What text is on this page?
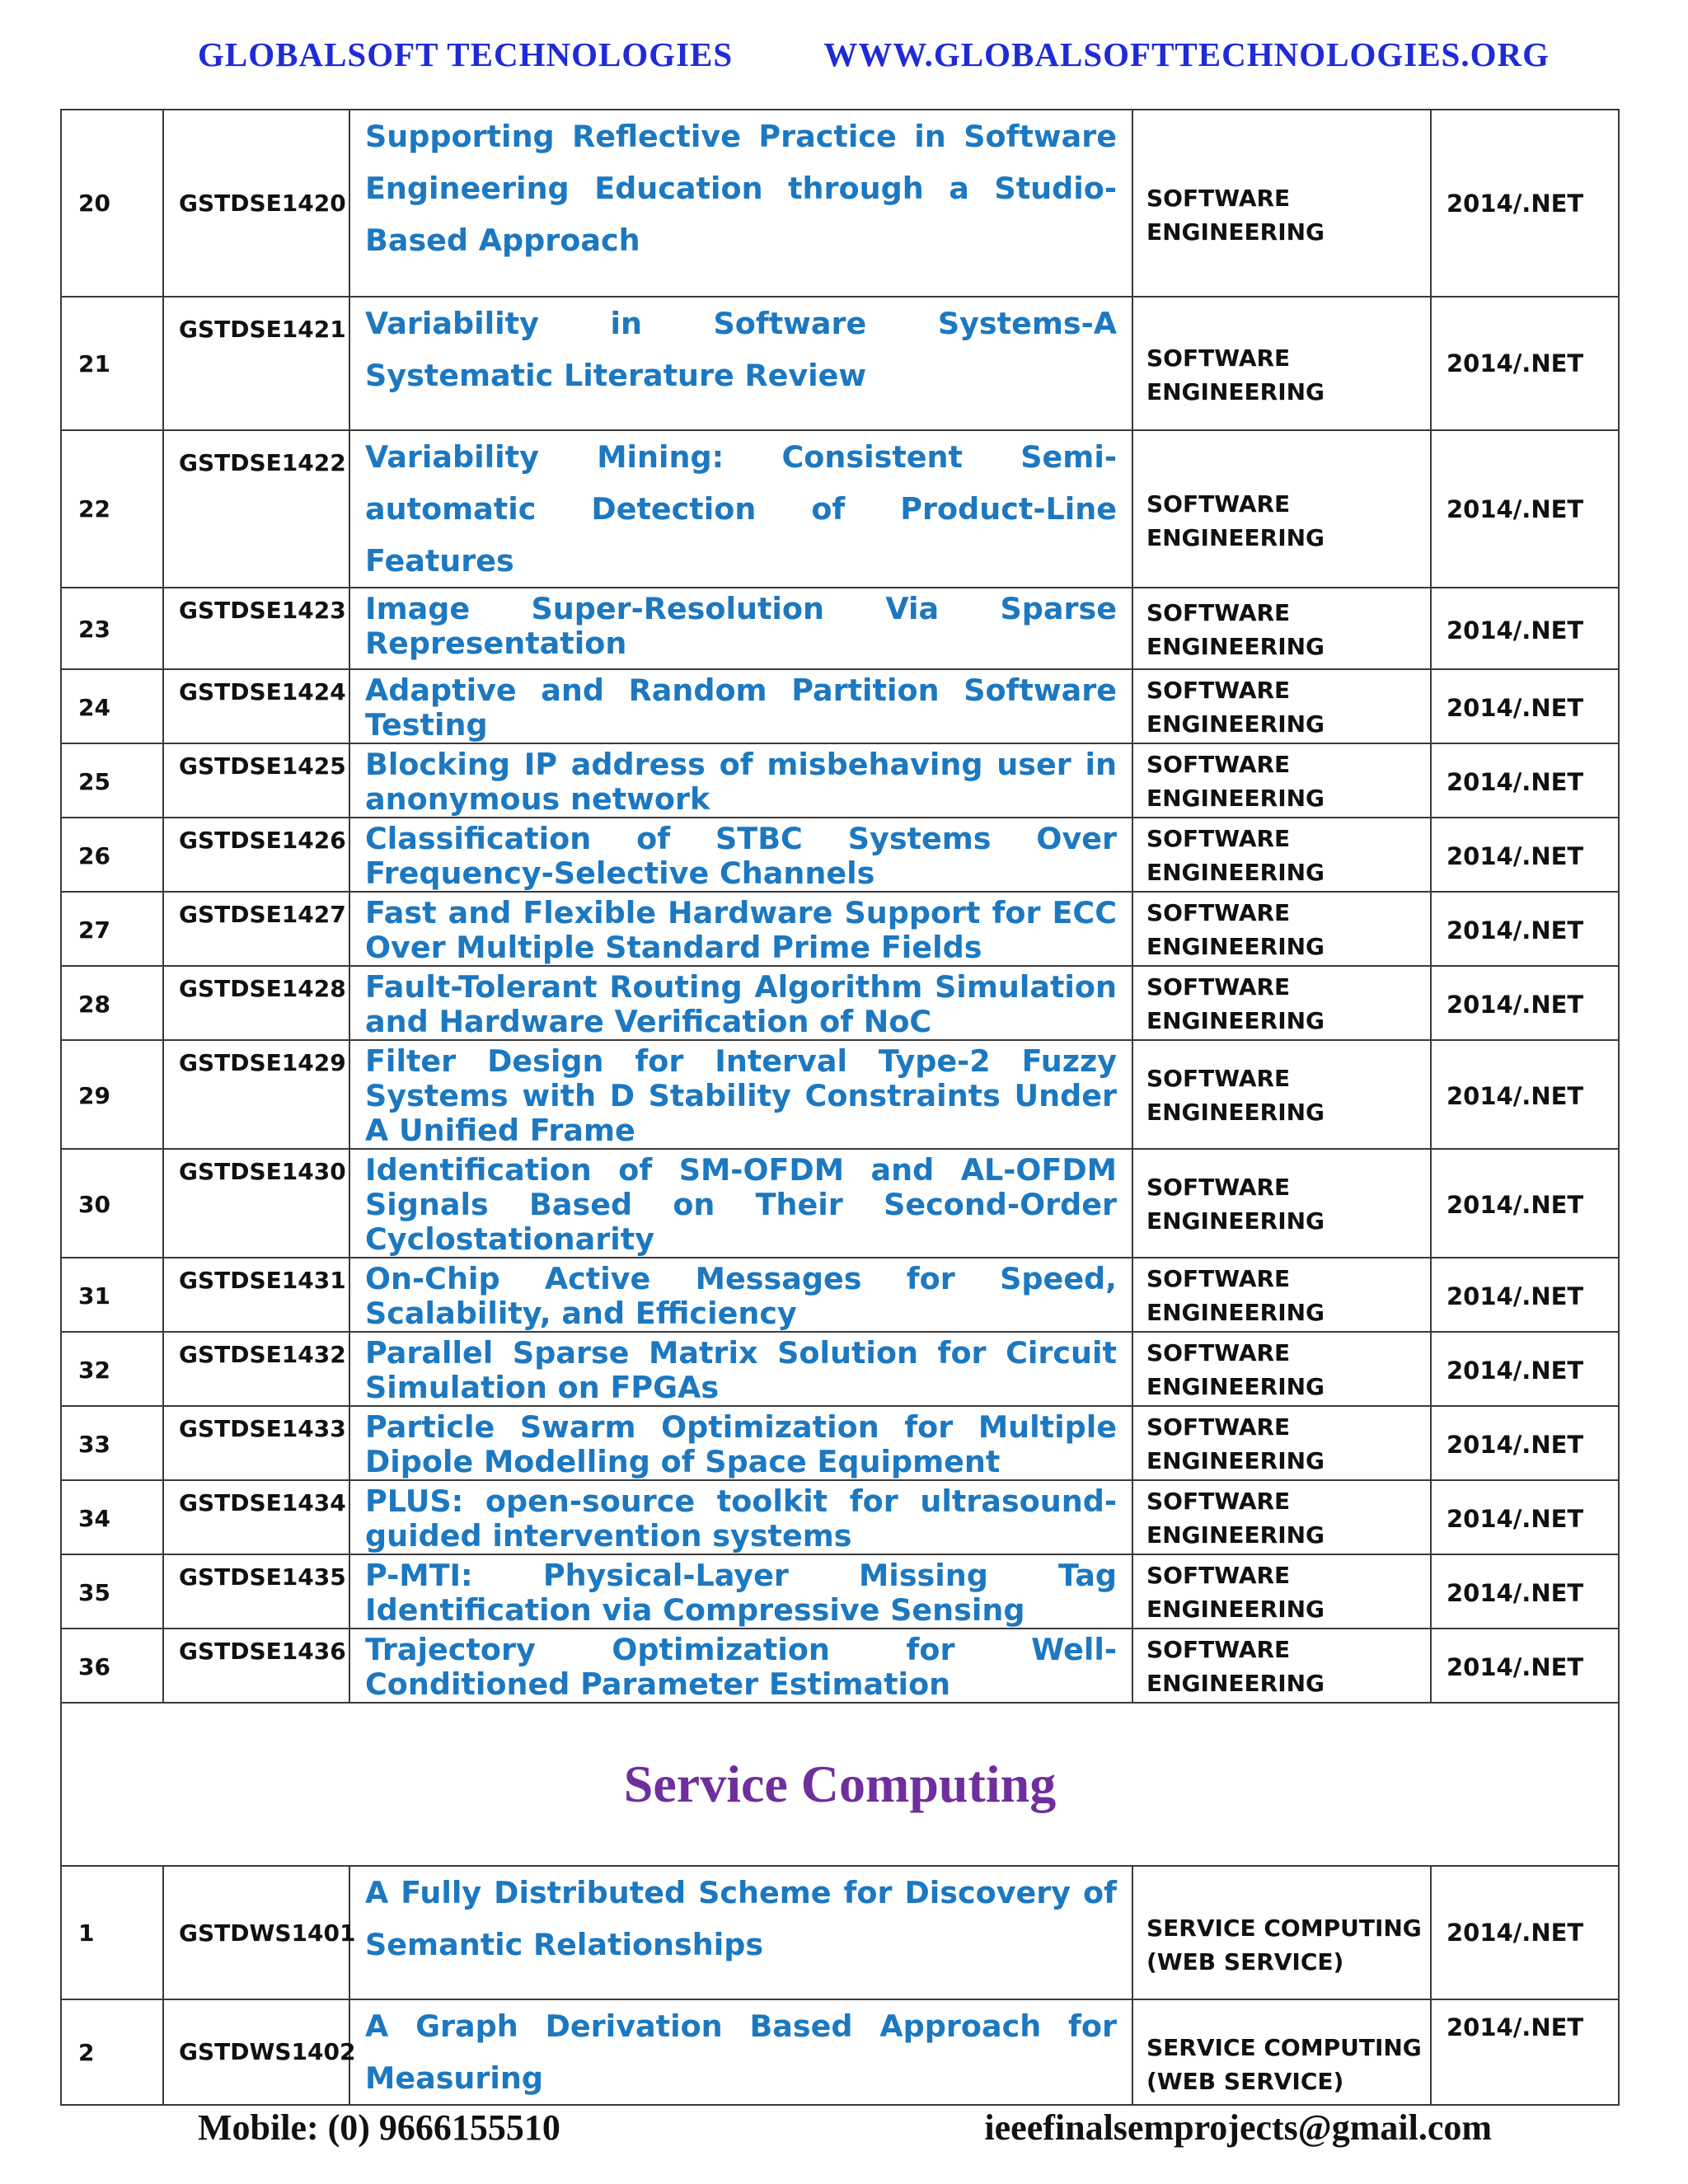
GLOBALSOFT TECHNOLOGIES	WWW.GLOBALSOFTTECHNOLOGIES.ORG
20	GSTDSE1420	Supporting Reflective Practice in Software Engineering Education through a Studio-Based Approach	SOFTWARE ENGINEERING	2014/.NET
21	GSTDSE1421	Variability in Software Systems-A Systematic Literature Review	SOFTWARE ENGINEERING	2014/.NET
22	GSTDSE1422	Variability Mining: Consistent Semi-automatic Detection of Product-Line Features	SOFTWARE ENGINEERING	2014/.NET
23	GSTDSE1423	Image Super-Resolution Via Sparse Representation	SOFTWARE ENGINEERING	2014/.NET
24	GSTDSE1424	Adaptive and Random Partition Software Testing	SOFTWARE ENGINEERING	2014/.NET
25	GSTDSE1425	Blocking IP address of misbehaving user in anonymous network	SOFTWARE ENGINEERING	2014/.NET
26	GSTDSE1426	Classification of STBC Systems Over Frequency-Selective Channels	SOFTWARE ENGINEERING	2014/.NET
27	GSTDSE1427	Fast and Flexible Hardware Support for ECC Over Multiple Standard Prime Fields	SOFTWARE ENGINEERING	2014/.NET
28	GSTDSE1428	Fault-Tolerant Routing Algorithm Simulation and Hardware Verification of NoC	SOFTWARE ENGINEERING	2014/.NET
29	GSTDSE1429	Filter Design for Interval Type-2 Fuzzy Systems with D Stability Constraints Under A Unified Frame	SOFTWARE ENGINEERING	2014/.NET
30	GSTDSE1430	Identification of SM-OFDM and AL-OFDM Signals Based on Their Second-Order Cyclostationarity	SOFTWARE ENGINEERING	2014/.NET
31	GSTDSE1431	On-Chip Active Messages for Speed, Scalability, and Efficiency	SOFTWARE ENGINEERING	2014/.NET
32	GSTDSE1432	Parallel Sparse Matrix Solution for Circuit Simulation on FPGAs	SOFTWARE ENGINEERING	2014/.NET
33	GSTDSE1433	Particle Swarm Optimization for Multiple Dipole Modelling of Space Equipment	SOFTWARE ENGINEERING	2014/.NET
34	GSTDSE1434	PLUS: open-source toolkit for ultrasound-guided intervention systems	SOFTWARE ENGINEERING	2014/.NET
35	GSTDSE1435	P-MTI: Physical-Layer Missing Tag Identification via Compressive Sensing	SOFTWARE ENGINEERING	2014/.NET
36	GSTDSE1436	Trajectory Optimization for Well-Conditioned Parameter Estimation	SOFTWARE ENGINEERING	2014/.NET
Service Computing				
1	GSTDWS1401	A Fully Distributed Scheme for Discovery of Semantic Relationships	SERVICE COMPUTING (WEB SERVICE)	2014/.NET
2	GSTDWS1402	A Graph Derivation Based Approach for Measuring	SERVICE COMPUTING (WEB SERVICE)	2014/.NET
Mobile: (0) 9666155510	ieeefinalsemprojects@gmail.com
